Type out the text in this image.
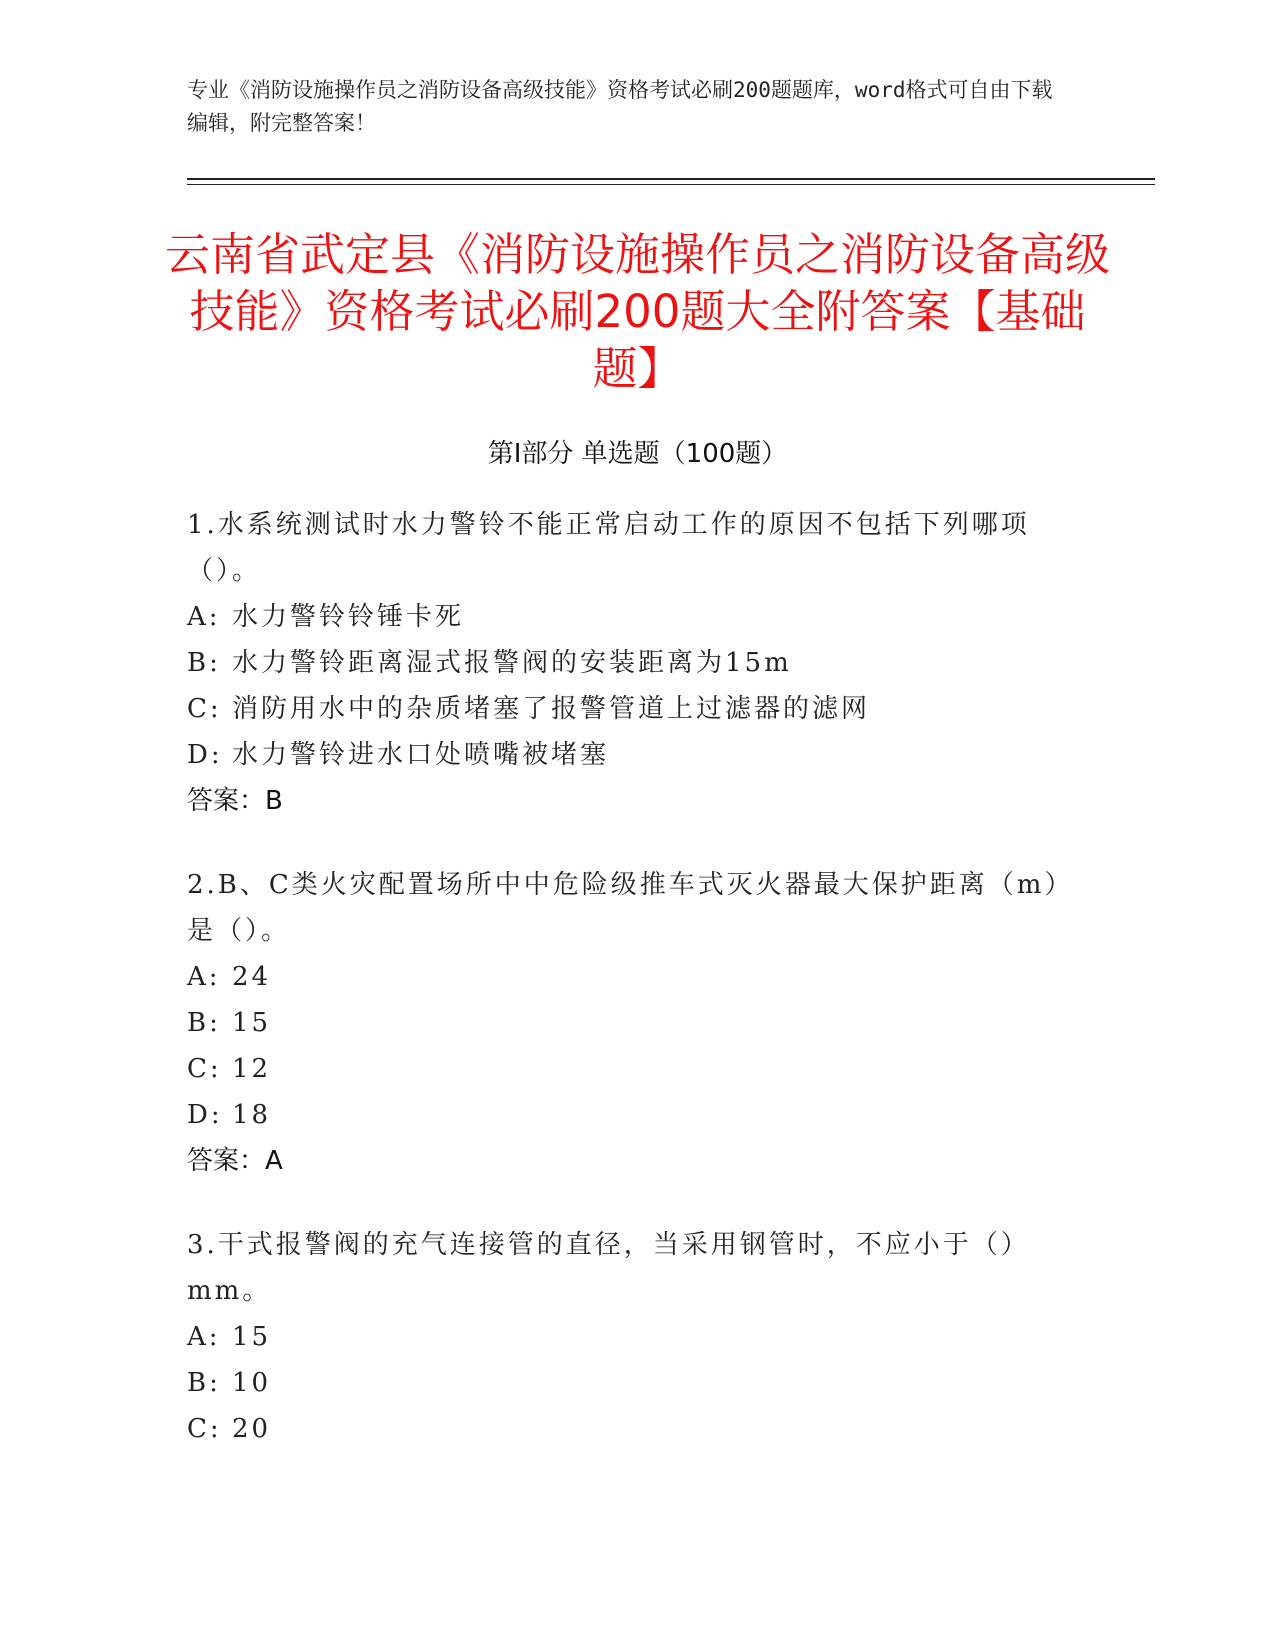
专业《消防设施操作员之消防设备高级技能》资格考试必刷200题题库，word格式可自由下载编辑，附完整答案！
云南省武定县《消防设施操作员之消防设备高级技能》资格考试必刷200题大全附答案【基础题】
第I部分 单选题（100题）
1.水系统测试时水力警铃不能正常启动工作的原因不包括下列哪项（）。
A: 水力警铃铃锤卡死
B: 水力警铃距离湿式报警阀的安装距离为15m
C: 消防用水中的杂质堵塞了报警管道上过滤器的滤网
D: 水力警铃进水口处喷嘴被堵塞
答案：B
2.B、C类火灾配置场所中中危险级推车式灭火器最大保护距离（m）是（）。
A: 24
B: 15
C: 12
D: 18
答案：A
3.干式报警阀的充气连接管的直径，当采用钢管时，不应小于（）mm。
A: 15
B: 10
C: 20
